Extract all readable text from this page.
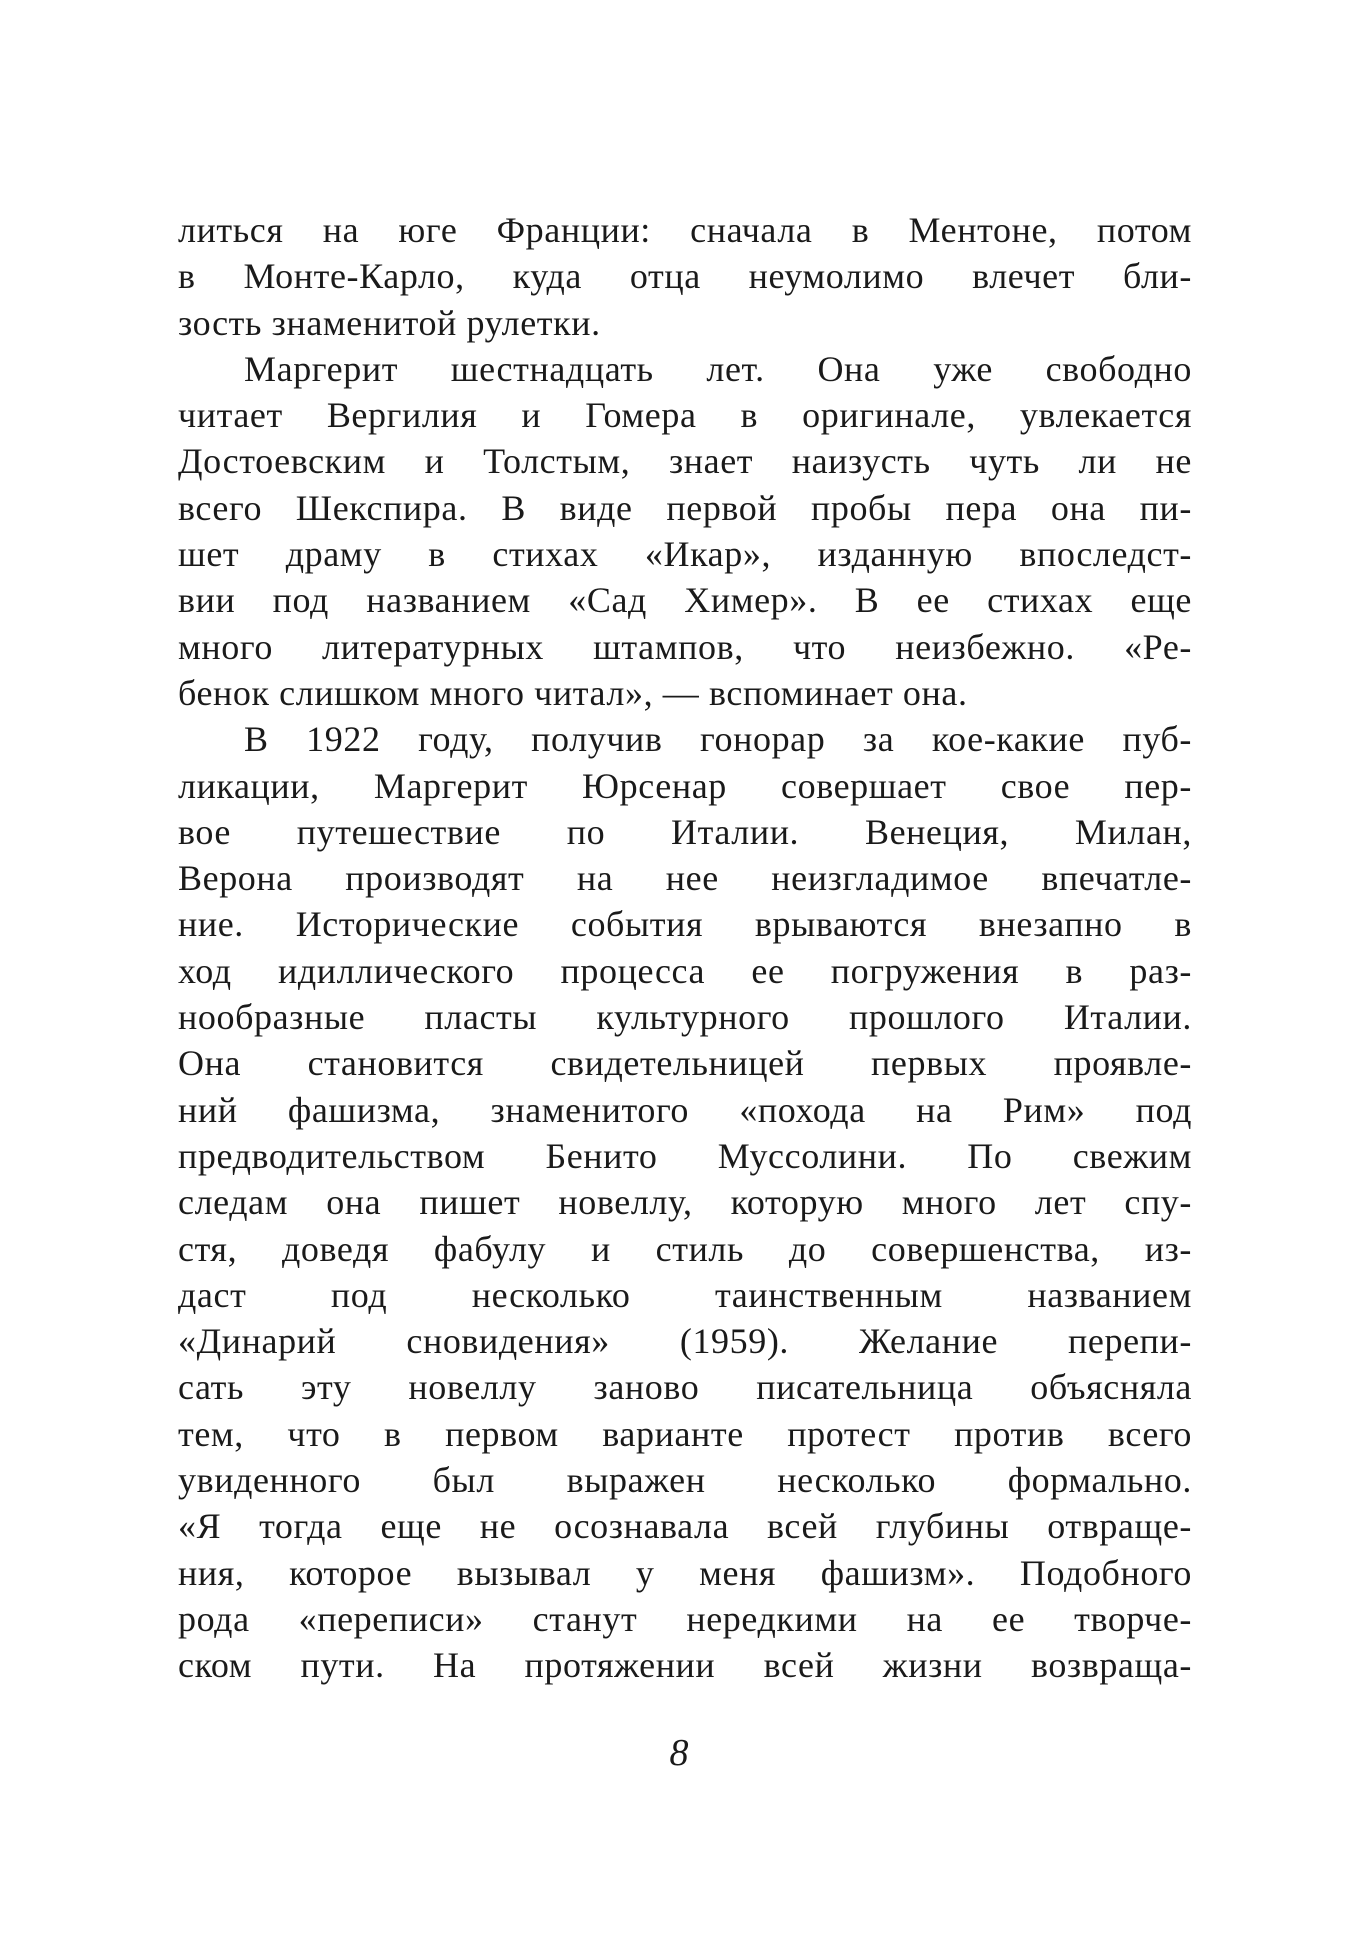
литься на юге Франции: сначала в Ментоне, потом
в Монте-Карло, куда отца неумолимо влечет бли-
зость знаменитой рулетки.
Маргерит шестнадцать лет. Она уже свободно
читает Вергилия и Гомера в оригинале, увлекается
Достоевским и Толстым, знает наизусть чуть ли не
всего Шекспира. В виде первой пробы пера она пи-
шет драму в стихах «Икар», изданную впоследст-
вии под названием «Сад Химер». В ее стихах еще
много литературных штампов, что неизбежно. «Ре-
бенок слишком много читал», — вспоминает она.
В 1922 году, получив гонорар за кое-какие пуб-
ликации, Маргерит Юрсенар совершает свое пер-
вое путешествие по Италии. Венеция, Милан,
Верона производят на нее неизгладимое впечатле-
ние. Исторические события врываются внезапно в
ход идиллического процесса ее погружения в раз-
нообразные пласты культурного прошлого Италии.
Она становится свидетельницей первых проявле-
ний фашизма, знаменитого «похода на Рим» под
предводительством Бенито Муссолини. По свежим
следам она пишет новеллу, которую много лет спу-
стя, доведя фабулу и стиль до совершенства, из-
даст под несколько таинственным названием
«Динарий сновидения» (1959). Желание перепи-
сать эту новеллу заново писательница объясняла
тем, что в первом варианте протест против всего
увиденного был выражен несколько формально.
«Я тогда еще не осознавала всей глубины отвраще-
ния, которое вызывал у меня фашизм». Подобного
рода «переписи» станут нередкими на ее творче-
ском пути. На протяжении всей жизни возвраща-
8
